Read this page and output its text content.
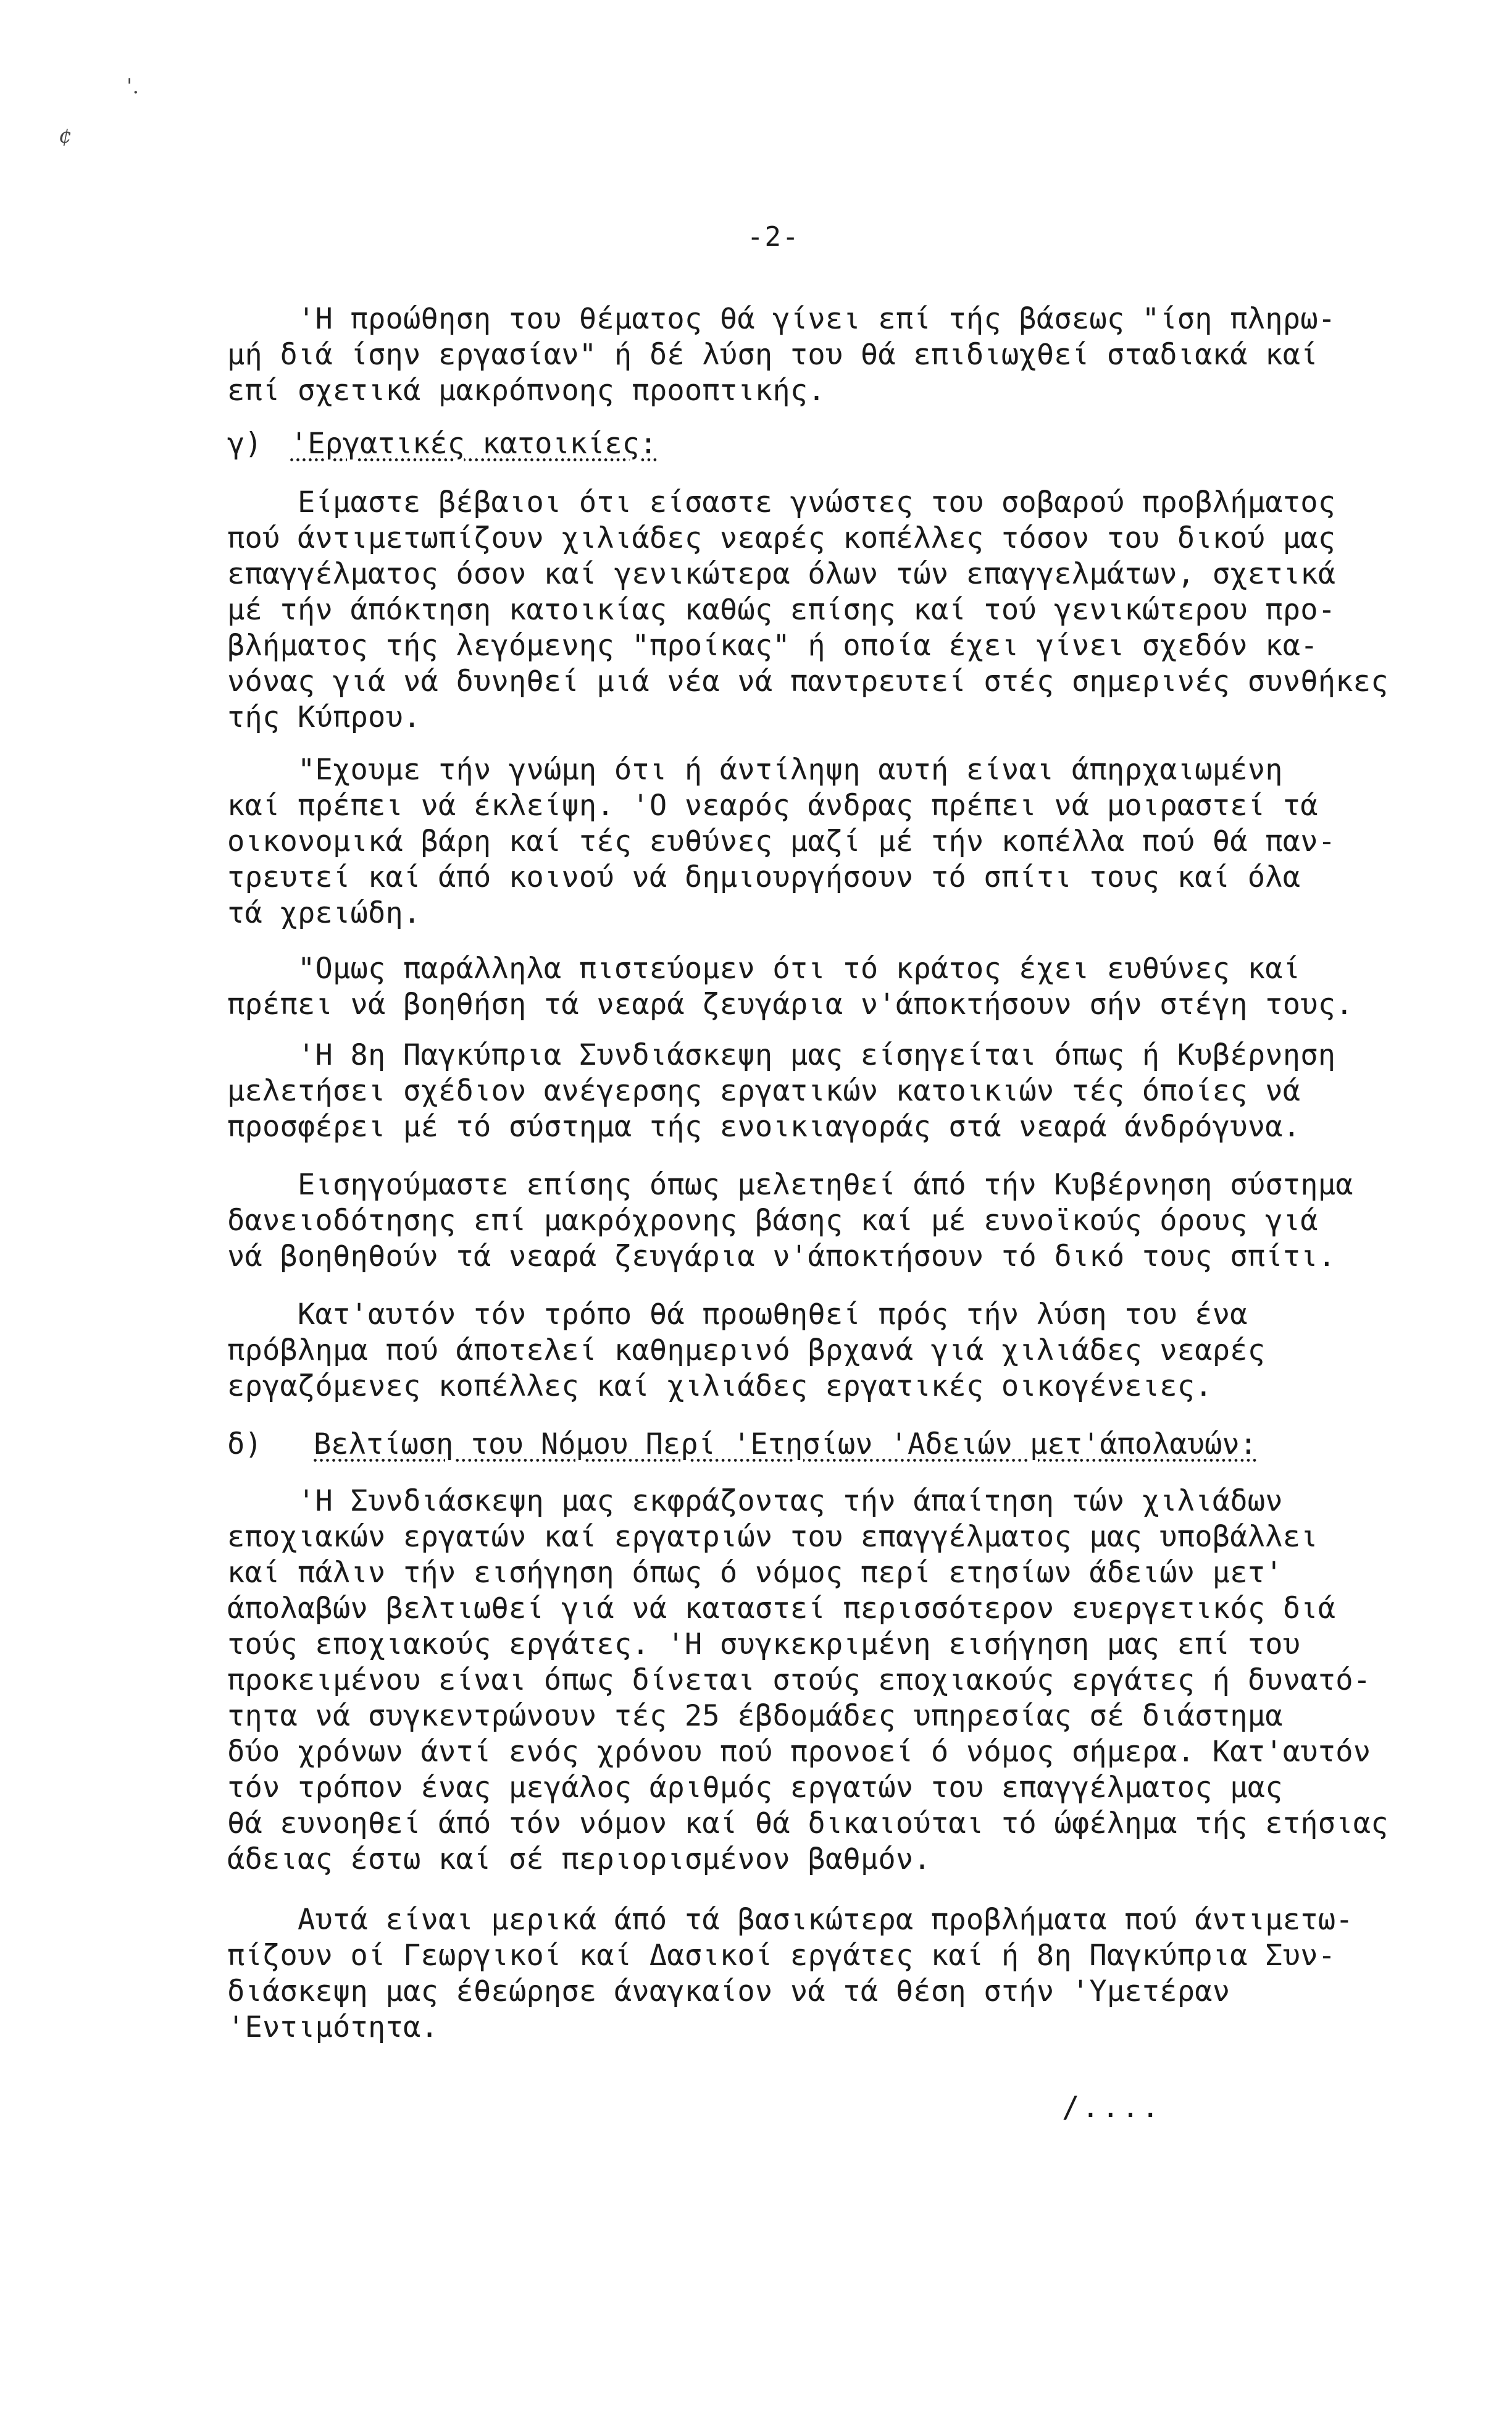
'.
¢
-2-
'Η προώθηση του θέματος θά γίνει επί τής βάσεως "ίση πληρω-
μή διά ίσην εργασίαν" ή δέ λύση του θά επιδιωχθεί σταδιακά καί
επί σχετικά μακρόπνοης προοπτικής.
γ) 'Εργατικές κατοικίες:
Είμαστε βέβαιοι ότι είσαστε γνώστες του σοβαρού προβλήματος
πού άντιμετωπίζουν χιλιάδες νεαρές κοπέλλες τόσον του δικού μας
επαγγέλματος όσον καί γενικώτερα όλων τών επαγγελμάτων, σχετικά
μέ τήν άπόκτηση κατοικίας καθώς επίσης καί τού γενικώτερου προ-
βλήματος τής λεγόμενης "προίκας" ή οποία έχει γίνει σχεδόν κα-
νόνας γιά νά δυνηθεί μιά νέα νά παντρευτεί στές σημερινές συνθήκες
τής Κύπρου.
"Εχουμε τήν γνώμη ότι ή άντίληψη αυτή είναι άπηρχαιωμένη
καί πρέπει νά έκλείψη. 'Ο νεαρός άνδρας πρέπει νά μοιραστεί τά
οικονομικά βάρη καί τές ευθύνες μαζί μέ τήν κοπέλλα πού θά παν-
τρευτεί καί άπό κοινού νά δημιουργήσουν τό σπίτι τους καί όλα
τά χρειώδη.
"Ομως παράλληλα πιστεύομεν ότι τό κράτος έχει ευθύνες καί
πρέπει νά βοηθήση τά νεαρά ζευγάρια ν'άποκτήσουν σήν στέγη τους.
'Η 8η Παγκύπρια Συνδιάσκεψη μας είσηγείται όπως ή Κυβέρνηση
μελετήσει σχέδιον ανέγερσης εργατικών κατοικιών τές όποίες νά
προσφέρει μέ τό σύστημα τής ενοικιαγοράς στά νεαρά άνδρόγυνα.
Εισηγούμαστε επίσης όπως μελετηθεί άπό τήν Κυβέρνηση σύστημα
δανειοδότησης επί μακρόχρονης βάσης καί μέ ευνοϊκούς όρους γιά
νά βοηθηθούν τά νεαρά ζευγάρια ν'άποκτήσουν τό δικό τους σπίτι.
Κατ'αυτόν τόν τρόπο θά προωθηθεί πρός τήν λύση του ένα
πρόβλημα πού άποτελεί καθημερινό βρχανά γιά χιλιάδες νεαρές
εργαζόμενες κοπέλλες καί χιλιάδες εργατικές οικογένειες.
δ) Βελτίωση του Νόμου Περί 'Ετησίων 'Αδειών μετ'άπολαυών:
'Η Συνδιάσκεψη μας εκφράζοντας τήν άπαίτηση τών χιλιάδων
εποχιακών εργατών καί εργατριών του επαγγέλματος μας υποβάλλει
καί πάλιν τήν εισήγηση όπως ό νόμος περί ετησίων άδειών μετ'
άπολαβών βελτιωθεί γιά νά καταστεί περισσότερον ευεργετικός διά
τούς εποχιακούς εργάτες. 'Η συγκεκριμένη εισήγηση μας επί του
προκειμένου είναι όπως δίνεται στούς εποχιακούς εργάτες ή δυνατό-
τητα νά συγκεντρώνουν τές 25 έβδομάδες υπηρεσίας σέ διάστημα
δύο χρόνων άντί ενός χρόνου πού προνοεί ό νόμος σήμερα. Κατ'αυτόν
τόν τρόπον ένας μεγάλος άριθμός εργατών του επαγγέλματος μας
θά ευνοηθεί άπό τόν νόμον καί θά δικαιούται τό ώφέλημα τής ετήσιας
άδειας έστω καί σέ περιορισμένον βαθμόν.
Αυτά είναι μερικά άπό τά βασικώτερα προβλήματα πού άντιμετω-
πίζουν οί Γεωργικοί καί Δασικοί εργάτες καί ή 8η Παγκύπρια Συν-
διάσκεψη μας έθεώρησε άναγκαίον νά τά θέση στήν 'Υμετέραν
'Εντιμότητα.
/....
